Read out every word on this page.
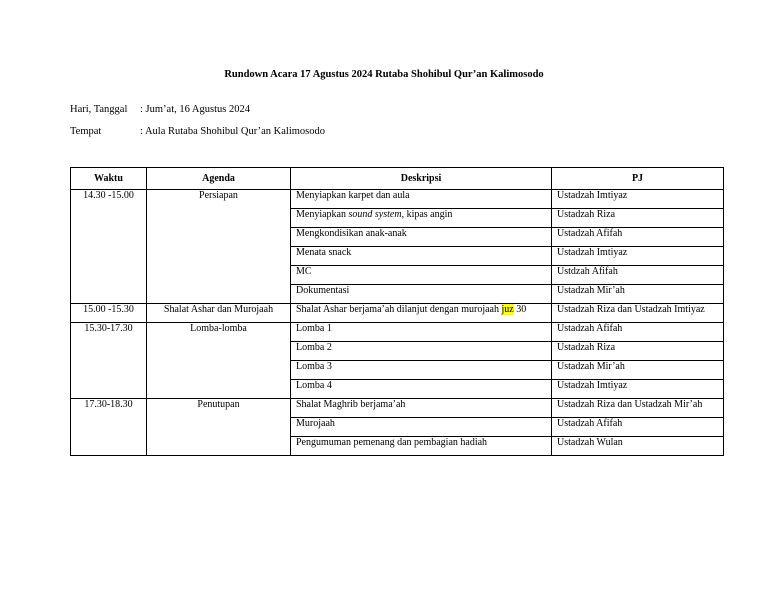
Rundown Acara 17 Agustus 2024 Rutaba Shohibul Qur’an Kalimosodo
Hari, Tanggal : Jum’at, 16 Agustus 2024
Tempat	: Aula Rutaba Shohibul Qur’an Kalimosodo
Waktu	Agenda	Deskripsi	PJ
14.30 -15.00	Persiapan	Menyiapkan karpet dan aula	Ustadzah Imtiyaz
		Menyiapkan sound system, kipas angin	Ustadzah Riza
		Mengkondisikan anak-anak	Ustadzah Afifah
		Menata snack	Ustadzah Imtiyaz
		MC	Ustdzah Afifah
		Dokumentasi	Ustadzah Mir’ah
15.00 -15.30	Shalat Ashar dan Murojaah	Shalat Ashar berjama’ah dilanjut dengan murojaah juz 30	Ustadzah Riza dan Ustadzah Imtiyaz
15.30-17.30	Lomba-lomba	Lomba 1	Ustadzah Afifah
		Lomba 2	Ustadzah Riza
		Lomba 3	Ustadzah Mir’ah
		Lomba 4	Ustadzah Imtiyaz
17.30-18.30	Penutupan	Shalat Maghrib berjama’ah	Ustadzah Riza dan Ustadzah Mir’ah
		Murojaah	Ustadzah Afifah
		Pengumuman pemenang dan pembagian hadiah	Ustadzah Wulan
